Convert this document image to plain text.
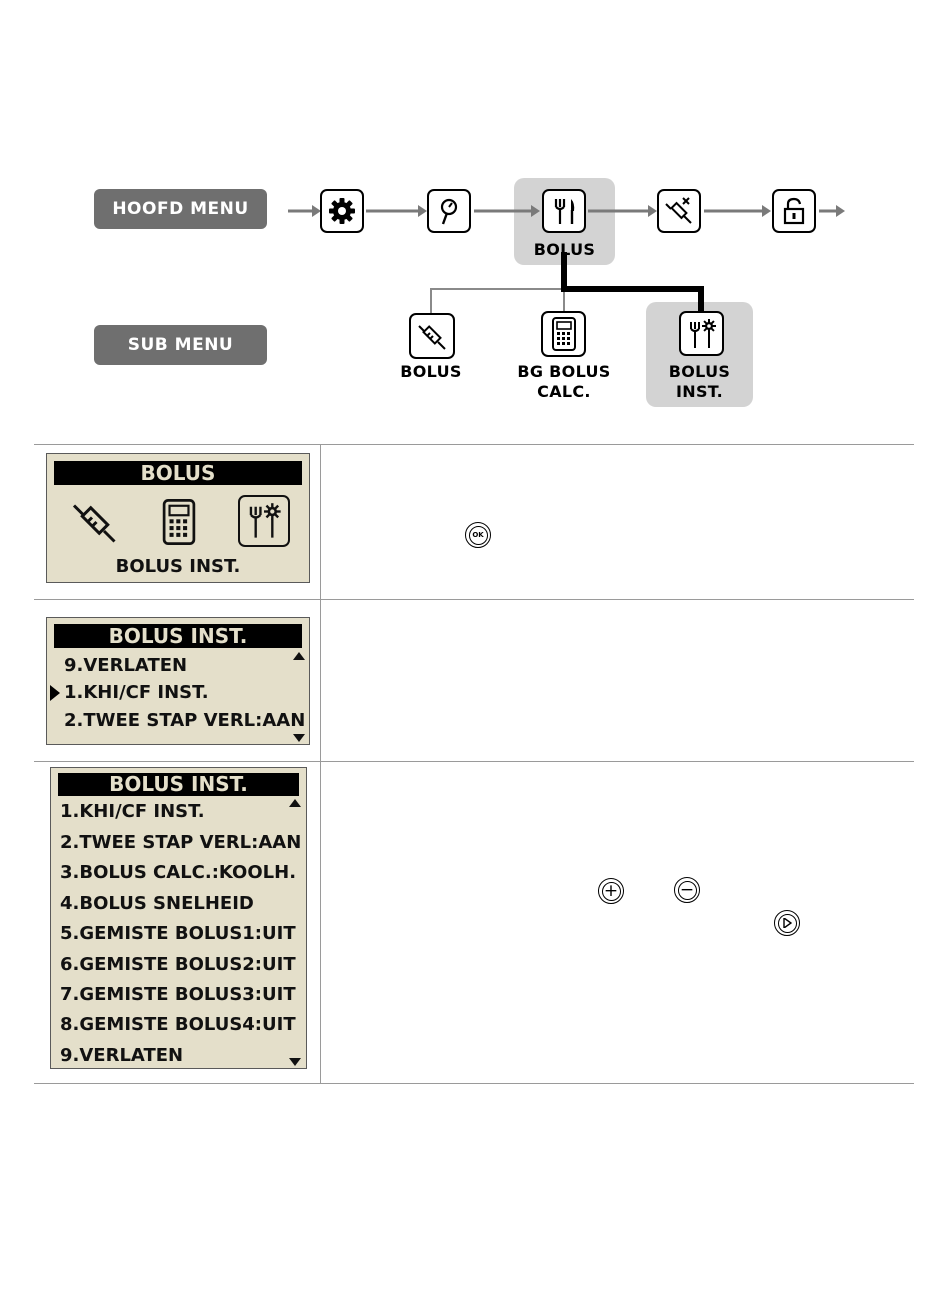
HOOFD MENU
SUB MENU
BOLUS
BOLUS	BG BOLUS
CALC.
BOLUS
INST.
BOLUS
BOLUS INST.
OK
BOLUS INST.
9.VERLATEN
1.KHI/CF INST.
2.TWEE STAP VERL:AAN
BOLUS INST.
1.KHI/CF INST.
2.TWEE STAP VERL:AAN
3.BOLUS CALC.:KOOLH.
4.BOLUS SNELHEID
5.GEMISTE BOLUS1:UIT
6.GEMISTE BOLUS2:UIT
7.GEMISTE BOLUS3:UIT
8.GEMISTE BOLUS4:UIT
9.VERLATEN
+	−
